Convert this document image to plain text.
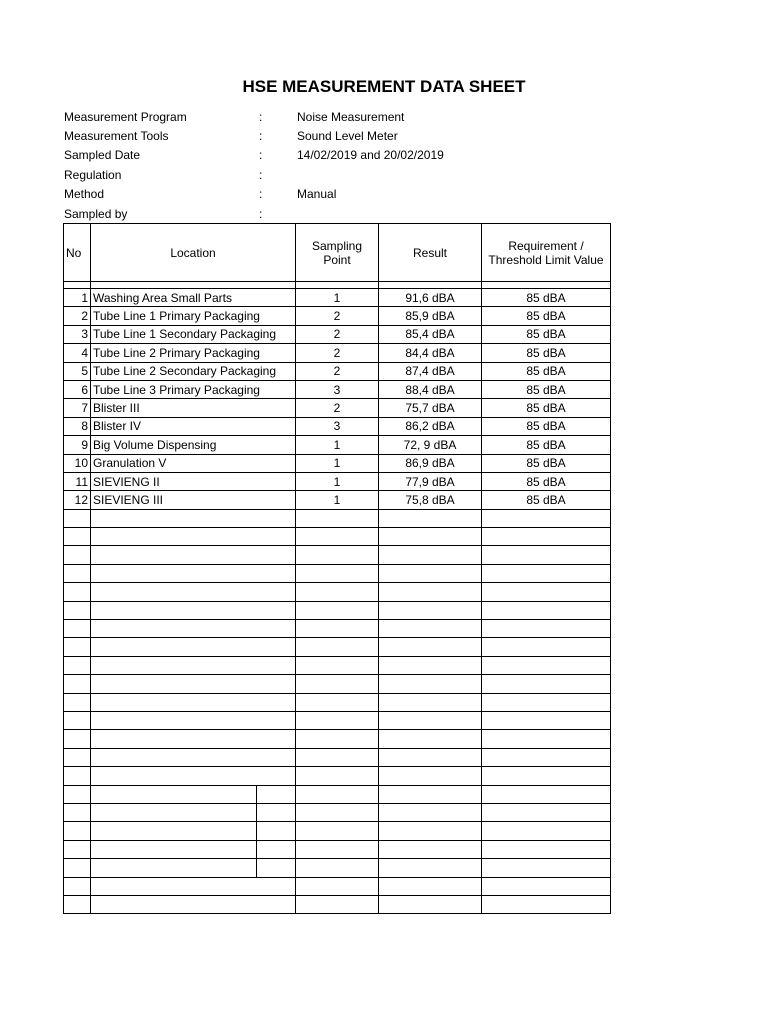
HSE MEASUREMENT DATA SHEET
Measurement Program	:	Noise Measurement
Measurement Tools	:	Sound Level Meter
Sampled Date	:	14/02/2019 and 20/02/2019
Regulation	:
Method	:	Manual
Sampled by	:
No	Location		Sampling Point	Result	Requirement / Threshold Limit Value

1	Washing Area Small Parts		1	91,6 dBA	85 dBA
2	Tube Line 1 Primary Packaging		2	85,9 dBA	85 dBA
3	Tube Line 1 Secondary Packaging		2	85,4 dBA	85 dBA
4	Tube Line 2 Primary Packaging		2	84,4 dBA	85 dBA
5	Tube Line 2 Secondary Packaging		2	87,4 dBA	85 dBA
6	Tube Line 3 Primary Packaging		3	88,4 dBA	85 dBA
7	Blister III		2	75,7 dBA	85 dBA
8	Blister IV		3	86,2 dBA	85 dBA
9	Big Volume Dispensing		1	72, 9 dBA	85 dBA
10	Granulation V		1	86,9 dBA	85 dBA
11	SIEVIENG II		1	77,9 dBA	85 dBA
12	SIEVIENG III		1	75,8 dBA	85 dBA
